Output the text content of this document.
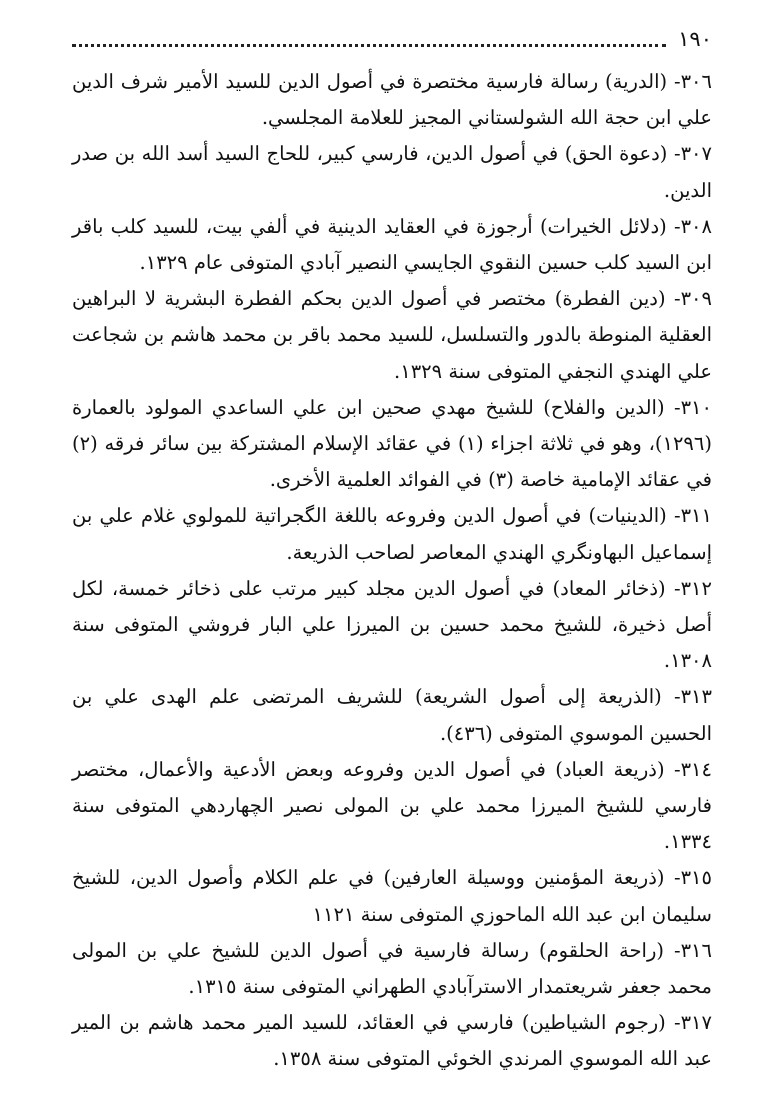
١٩٠

٣٠٦- (الدرية) رسالة فارسية مختصرة في أصول الدين للسيد الأمير شرف الدين علي ابن حجة الله الشولستاني المجيز للعلامة المجلسي.

٣٠٧- (دعوة الحق) في أصول الدين، فارسي كبير، للحاج السيد أسد الله بن صدر الدين.

٣٠٨- (دلائل الخيرات) أرجوزة في العقايد الدينية في ألفي بيت، للسيد كلب باقر ابن السيد كلب حسين النقوي الجايسي النصير آبادي المتوفى عام ١٣٢٩.

٣٠٩- (دين الفطرة) مختصر في أصول الدين بحكم الفطرة البشرية لا البراهين العقلية المنوطة بالدور والتسلسل، للسيد محمد باقر بن محمد هاشم بن شجاعت علي الهندي النجفي المتوفى سنة ١٣٢٩.

٣١٠- (الدين والفلاح) للشيخ مهدي صحين ابن علي الساعدي المولود بالعمارة (١٢٩٦)، وهو في ثلاثة اجزاء (١) في عقائد الإسلام المشتركة بين سائر فرقه (٢) في عقائد الإمامية خاصة (٣) في الفوائد العلمية الأخرى.

٣١١- (الدينيات) في أصول الدين وفروعه باللغة الگجراتية للمولوي غلام علي بن إسماعيل البهاونگري الهندي المعاصر لصاحب الذريعة.

٣١٢- (ذخائر المعاد) في أصول الدين مجلد كبير مرتب على ذخائر خمسة، لكل أصل ذخيرة، للشيخ محمد حسين بن الميرزا علي البار فروشي المتوفى سنة ١٣٠٨.

٣١٣- (الذريعة إلى أصول الشريعة) للشريف المرتضى علم الهدى علي بن الحسين الموسوي المتوفى (٤٣٦).

٣١٤- (ذريعة العباد) في أصول الدين وفروعه وبعض الأدعية والأعمال، مختصر فارسي للشيخ الميرزا محمد علي بن المولى نصير الچهاردهي المتوفى سنة ١٣٣٤.

٣١٥- (ذريعة المؤمنين ووسيلة العارفين) في علم الكلام وأصول الدين، للشيخ سليمان ابن عبد الله الماحوزي المتوفى سنة ١١٢١

٣١٦- (راحة الحلقوم) رسالة فارسية في أصول الدين للشيخ علي بن المولى محمد جعفر شريعتمدار الاسترآبادي الطهراني المتوفى سنة ١٣١٥.

٣١٧- (رجوم الشياطين) فارسي في العقائد، للسيد المير محمد هاشم بن المير عبد الله الموسوي المرندي الخوئي المتوفى سنة ١٣٥٨.
